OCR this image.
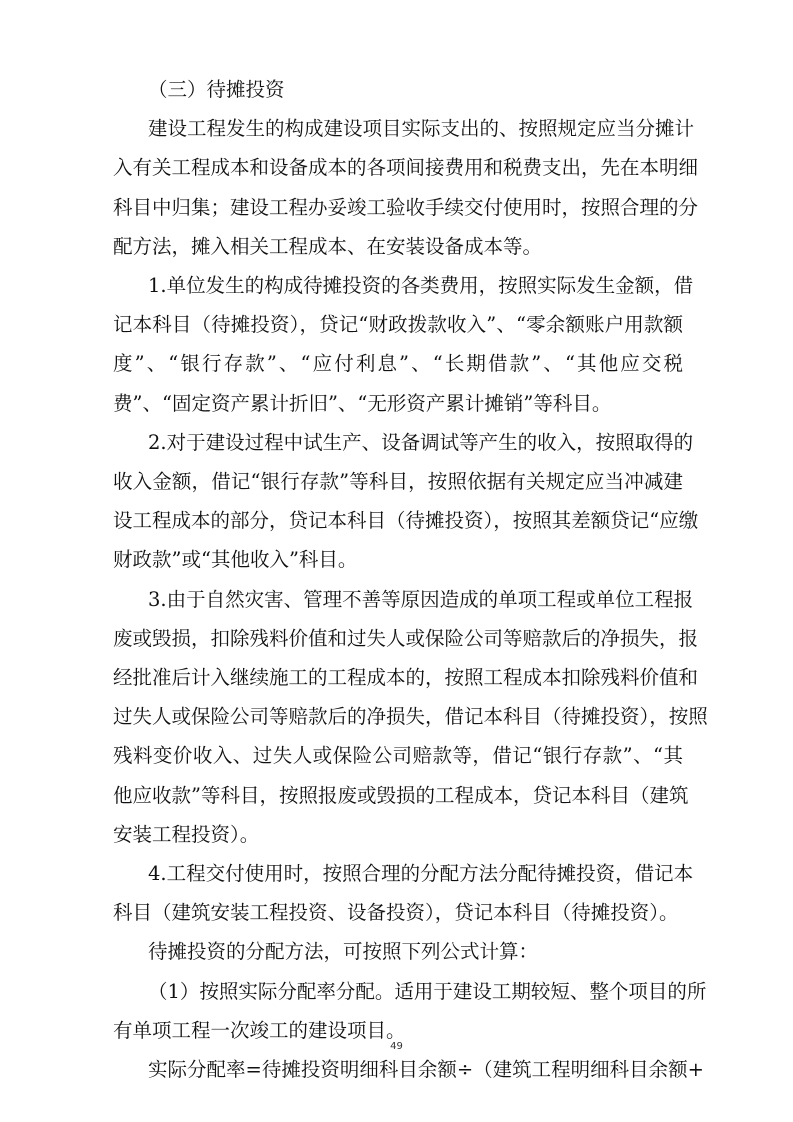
（三）待摊投资
建设工程发生的构成建设项目实际支出的、按照规定应当分摊计
入有关工程成本和设备成本的各项间接费用和税费支出，先在本明细
科目中归集；建设工程办妥竣工验收手续交付使用时，按照合理的分
配方法，摊入相关工程成本、在安装设备成本等。
1.单位发生的构成待摊投资的各类费用，按照实际发生金额，借
记本科目（待摊投资），贷记“财政拨款收入”、“零余额账户用款额
度”、“银行存款”、“应付利息”、“长期借款”、“其他应交税
费”、“固定资产累计折旧”、“无形资产累计摊销”等科目。
2.对于建设过程中试生产、设备调试等产生的收入，按照取得的
收入金额，借记“银行存款”等科目，按照依据有关规定应当冲减建
设工程成本的部分，贷记本科目（待摊投资），按照其差额贷记“应缴
财政款”或“其他收入”科目。
3.由于自然灾害、管理不善等原因造成的单项工程或单位工程报
废或毁损，扣除残料价值和过失人或保险公司等赔款后的净损失，报
经批准后计入继续施工的工程成本的，按照工程成本扣除残料价值和
过失人或保险公司等赔款后的净损失，借记本科目（待摊投资），按照
残料变价收入、过失人或保险公司赔款等，借记“银行存款”、“其
他应收款”等科目，按照报废或毁损的工程成本，贷记本科目（建筑
安装工程投资）。
4.工程交付使用时，按照合理的分配方法分配待摊投资，借记本
科目（建筑安装工程投资、设备投资），贷记本科目（待摊投资）。
待摊投资的分配方法，可按照下列公式计算：
（1）按照实际分配率分配。适用于建设工期较短、整个项目的所
有单项工程一次竣工的建设项目。
实际分配率=待摊投资明细科目余额÷（建筑工程明细科目余额+
49
